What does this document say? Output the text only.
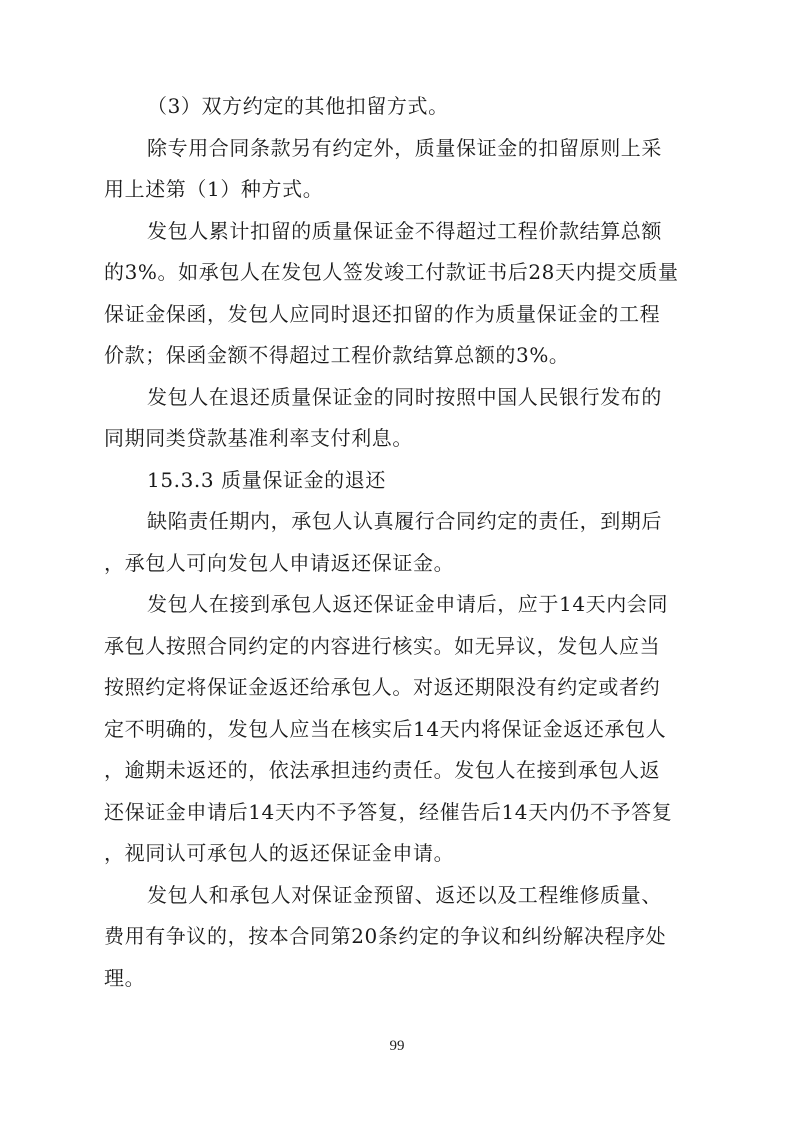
（3）双方约定的其他扣留方式。
除专用合同条款另有约定外，质量保证金的扣留原则上采
用上述第（1）种方式。
发包人累计扣留的质量保证金不得超过工程价款结算总额
的3%。如承包人在发包人签发竣工付款证书后28天内提交质量
保证金保函，发包人应同时退还扣留的作为质量保证金的工程
价款；保函金额不得超过工程价款结算总额的3%。
发包人在退还质量保证金的同时按照中国人民银行发布的
同期同类贷款基准利率支付利息。
15.3.3 质量保证金的退还
缺陷责任期内，承包人认真履行合同约定的责任，到期后
，承包人可向发包人申请返还保证金。
发包人在接到承包人返还保证金申请后，应于14天内会同
承包人按照合同约定的内容进行核实。如无异议，发包人应当
按照约定将保证金返还给承包人。对返还期限没有约定或者约
定不明确的，发包人应当在核实后14天内将保证金返还承包人
，逾期未返还的，依法承担违约责任。发包人在接到承包人返
还保证金申请后14天内不予答复，经催告后14天内仍不予答复
，视同认可承包人的返还保证金申请。
发包人和承包人对保证金预留、返还以及工程维修质量、
费用有争议的，按本合同第20条约定的争议和纠纷解决程序处
理。
99
